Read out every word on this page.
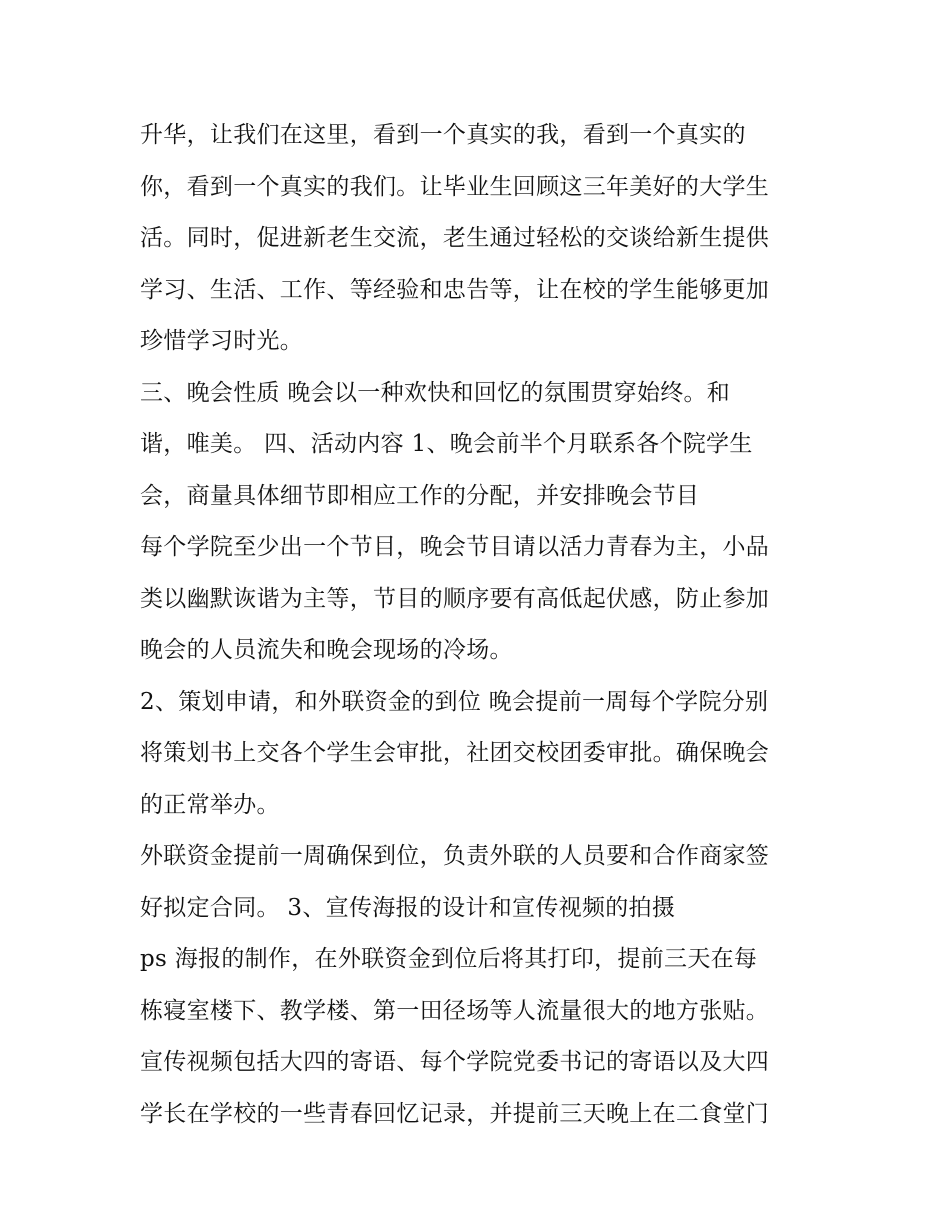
升华，让我们在这里，看到一个真实的我，看到一个真实的
你，看到一个真实的我们。让毕业生回顾这三年美好的大学生
活。同时，促进新老生交流，老生通过轻松的交谈给新生提供
学习、生活、工作、等经验和忠告等，让在校的学生能够更加
珍惜学习时光。
三、晚会性质 晚会以一种欢快和回忆的氛围贯穿始终。和
谐，唯美。 四、活动内容 1、晚会前半个月联系各个院学生
会，商量具体细节即相应工作的分配，并安排晚会节目
每个学院至少出一个节目，晚会节目请以活力青春为主，小品
类以幽默诙谐为主等，节目的顺序要有高低起伏感，防止参加
晚会的人员流失和晚会现场的冷场。
2、策划申请，和外联资金的到位 晚会提前一周每个学院分别
将策划书上交各个学生会审批，社团交校团委审批。确保晚会
的正常举办。
外联资金提前一周确保到位，负责外联的人员要和合作商家签
好拟定合同。 3、宣传海报的设计和宣传视频的拍摄
ps 海报的制作，在外联资金到位后将其打印，提前三天在每
栋寝室楼下、教学楼、第一田径场等人流量很大的地方张贴。
宣传视频包括大四的寄语、每个学院党委书记的寄语以及大四
学长在学校的一些青春回忆记录，并提前三天晚上在二食堂门
